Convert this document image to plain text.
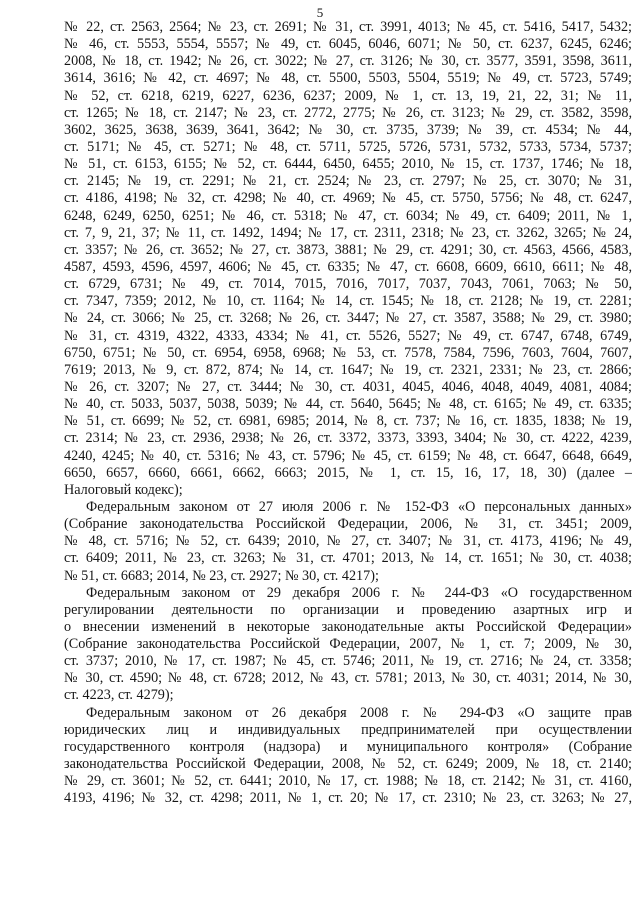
5
№ 22, ст. 2563, 2564; № 23, ст. 2691; № 31, ст. 3991, 4013; № 45, ст. 5416, 5417, 5432;
№ 46, ст. 5553, 5554, 5557; № 49, ст. 6045, 6046, 6071; № 50, ст. 6237, 6245, 6246;
2008, № 18, ст. 1942; № 26, ст. 3022; № 27, ст. 3126; № 30, ст. 3577, 3591, 3598, 3611,
3614, 3616; № 42, ст. 4697; № 48, ст. 5500, 5503, 5504, 5519; № 49, ст. 5723, 5749;
№ 52, ст. 6218, 6219, 6227, 6236, 6237; 2009, № 1, ст. 13, 19, 21, 22, 31; № 11,
ст. 1265; № 18, ст. 2147; № 23, ст. 2772, 2775; № 26, ст. 3123; № 29, ст. 3582, 3598,
3602, 3625, 3638, 3639, 3641, 3642; № 30, ст. 3735, 3739; № 39, ст. 4534; № 44,
ст. 5171; № 45, ст. 5271; № 48, ст. 5711, 5725, 5726, 5731, 5732, 5733, 5734, 5737;
№ 51, ст. 6153, 6155; № 52, ст. 6444, 6450, 6455; 2010, № 15, ст. 1737, 1746; № 18,
ст. 2145; № 19, ст. 2291; № 21, ст. 2524; № 23, ст. 2797; № 25, ст. 3070; № 31,
ст. 4186, 4198; № 32, ст. 4298; № 40, ст. 4969; № 45, ст. 5750, 5756; № 48, ст. 6247,
6248, 6249, 6250, 6251; № 46, ст. 5318; № 47, ст. 6034; № 49, ст. 6409; 2011, № 1,
ст. 7, 9, 21, 37; № 11, ст. 1492, 1494; № 17, ст. 2311, 2318; № 23, ст. 3262, 3265; № 24,
ст. 3357; № 26, ст. 3652; № 27, ст. 3873, 3881; № 29, ст. 4291; 30, ст. 4563, 4566, 4583,
4587, 4593, 4596, 4597, 4606; № 45, ст. 6335; № 47, ст. 6608, 6609, 6610, 6611; № 48,
ст. 6729, 6731; № 49, ст. 7014, 7015, 7016, 7017, 7037, 7043, 7061, 7063; № 50,
ст. 7347, 7359; 2012, № 10, ст. 1164; № 14, ст. 1545; № 18, ст. 2128; № 19, ст. 2281;
№ 24, ст. 3066; № 25, ст. 3268; № 26, ст. 3447; № 27, ст. 3587, 3588; № 29, ст. 3980;
№ 31, ст. 4319, 4322, 4333, 4334; № 41, ст. 5526, 5527; № 49, ст. 6747, 6748, 6749,
6750, 6751; № 50, ст. 6954, 6958, 6968; № 53, ст. 7578, 7584, 7596, 7603, 7604, 7607,
7619; 2013, № 9, ст. 872, 874; № 14, ст. 1647; № 19, ст. 2321, 2331; № 23, ст. 2866;
№ 26, ст. 3207; № 27, ст. 3444; № 30, ст. 4031, 4045, 4046, 4048, 4049, 4081, 4084;
№ 40, ст. 5033, 5037, 5038, 5039; № 44, ст. 5640, 5645; № 48, ст. 6165; № 49, ст. 6335;
№ 51, ст. 6699; № 52, ст. 6981, 6985; 2014, № 8, ст. 737; № 16, ст. 1835, 1838; № 19,
ст. 2314; № 23, ст. 2936, 2938; № 26, ст. 3372, 3373, 3393, 3404; № 30, ст. 4222, 4239,
4240, 4245; № 40, ст. 5316; № 43, ст. 5796; № 45, ст. 6159; № 48, ст. 6647, 6648, 6649,
6650, 6657, 6660, 6661, 6662, 6663; 2015, № 1, ст. 15, 16, 17, 18, 30) (далее –
Налоговый кодекс);
Федеральным законом от 27 июля 2006 г. № 152-ФЗ «О персональных данных»
(Собрание законодательства Российской Федерации, 2006, № 31, ст. 3451; 2009,
№ 48, ст. 5716; № 52, ст. 6439; 2010, № 27, ст. 3407; № 31, ст. 4173, 4196; № 49,
ст. 6409; 2011, № 23, ст. 3263; № 31, ст. 4701; 2013, № 14, ст. 1651; № 30, ст. 4038;
№ 51, ст. 6683; 2014, № 23, ст. 2927; № 30, ст. 4217);
Федеральным законом от 29 декабря 2006 г. № 244-ФЗ «О государственном
регулировании деятельности по организации и проведению азартных игр и
о внесении изменений в некоторые законодательные акты Российской Федерации»
(Собрание законодательства Российской Федерации, 2007, № 1, ст. 7; 2009, № 30,
ст. 3737; 2010, № 17, ст. 1987; № 45, ст. 5746; 2011, № 19, ст. 2716; № 24, ст. 3358;
№ 30, ст. 4590; № 48, ст. 6728; 2012, № 43, ст. 5781; 2013, № 30, ст. 4031; 2014, № 30,
ст. 4223, ст. 4279);
Федеральным законом от 26 декабря 2008 г. № 294-ФЗ «О защите прав
юридических лиц и индивидуальных предпринимателей при осуществлении
государственного контроля (надзора) и муниципального контроля» (Собрание
законодательства Российской Федерации, 2008, № 52, ст. 6249; 2009, № 18, ст. 2140;
№ 29, ст. 3601; № 52, ст. 6441; 2010, № 17, ст. 1988; № 18, ст. 2142; № 31, ст. 4160,
4193, 4196; № 32, ст. 4298; 2011, № 1, ст. 20; № 17, ст. 2310; № 23, ст. 3263; № 27,
